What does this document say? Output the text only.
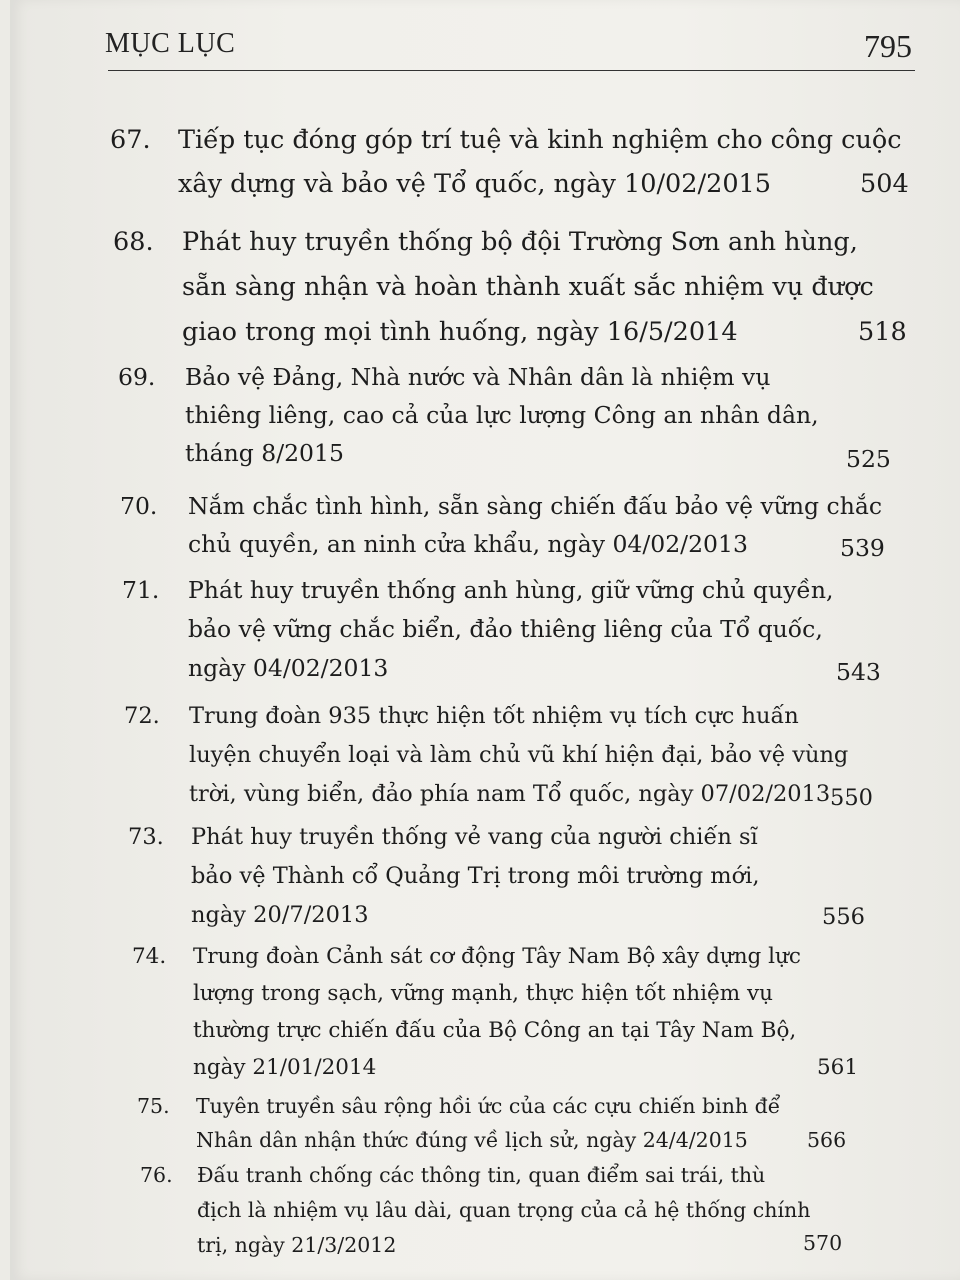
MỤC LỤC	795
67. Tiếp tục đóng góp trí tuệ và kinh nghiệm cho công cuộc
xây dựng và bảo vệ Tổ quốc, ngày 10/02/2015	504
68. Phát huy truyền thống bộ đội Trường Sơn anh hùng,
sẵn sàng nhận và hoàn thành xuất sắc nhiệm vụ được
giao trong mọi tình huống, ngày 16/5/2014	518
69. Bảo vệ Đảng, Nhà nước và Nhân dân là nhiệm vụ
thiêng liêng, cao cả của lực lượng Công an nhân dân,
tháng 8/2015	525
70. Nắm chắc tình hình, sẵn sàng chiến đấu bảo vệ vững chắc
chủ quyền, an ninh cửa khẩu, ngày 04/02/2013	539
71. Phát huy truyền thống anh hùng, giữ vững chủ quyền,
bảo vệ vững chắc biển, đảo thiêng liêng của Tổ quốc,
ngày 04/02/2013	543
72. Trung đoàn 935 thực hiện tốt nhiệm vụ tích cực huấn
luyện chuyển loại và làm chủ vũ khí hiện đại, bảo vệ vùng
trời, vùng biển, đảo phía nam Tổ quốc, ngày 07/02/2013 550
73. Phát huy truyền thống vẻ vang của người chiến sĩ
bảo vệ Thành cổ Quảng Trị trong môi trường mới,
ngày 20/7/2013	556
74. Trung đoàn Cảnh sát cơ động Tây Nam Bộ xây dựng lực
lượng trong sạch, vững mạnh, thực hiện tốt nhiệm vụ
thường trực chiến đấu của Bộ Công an tại Tây Nam Bộ,
ngày 21/01/2014	561
75. Tuyên truyền sâu rộng hồi ức của các cựu chiến binh để
Nhân dân nhận thức đúng về lịch sử, ngày 24/4/2015	566
76. Đấu tranh chống các thông tin, quan điểm sai trái, thù
địch là nhiệm vụ lâu dài, quan trọng của cả hệ thống chính
trị, ngày 21/3/2012	570
